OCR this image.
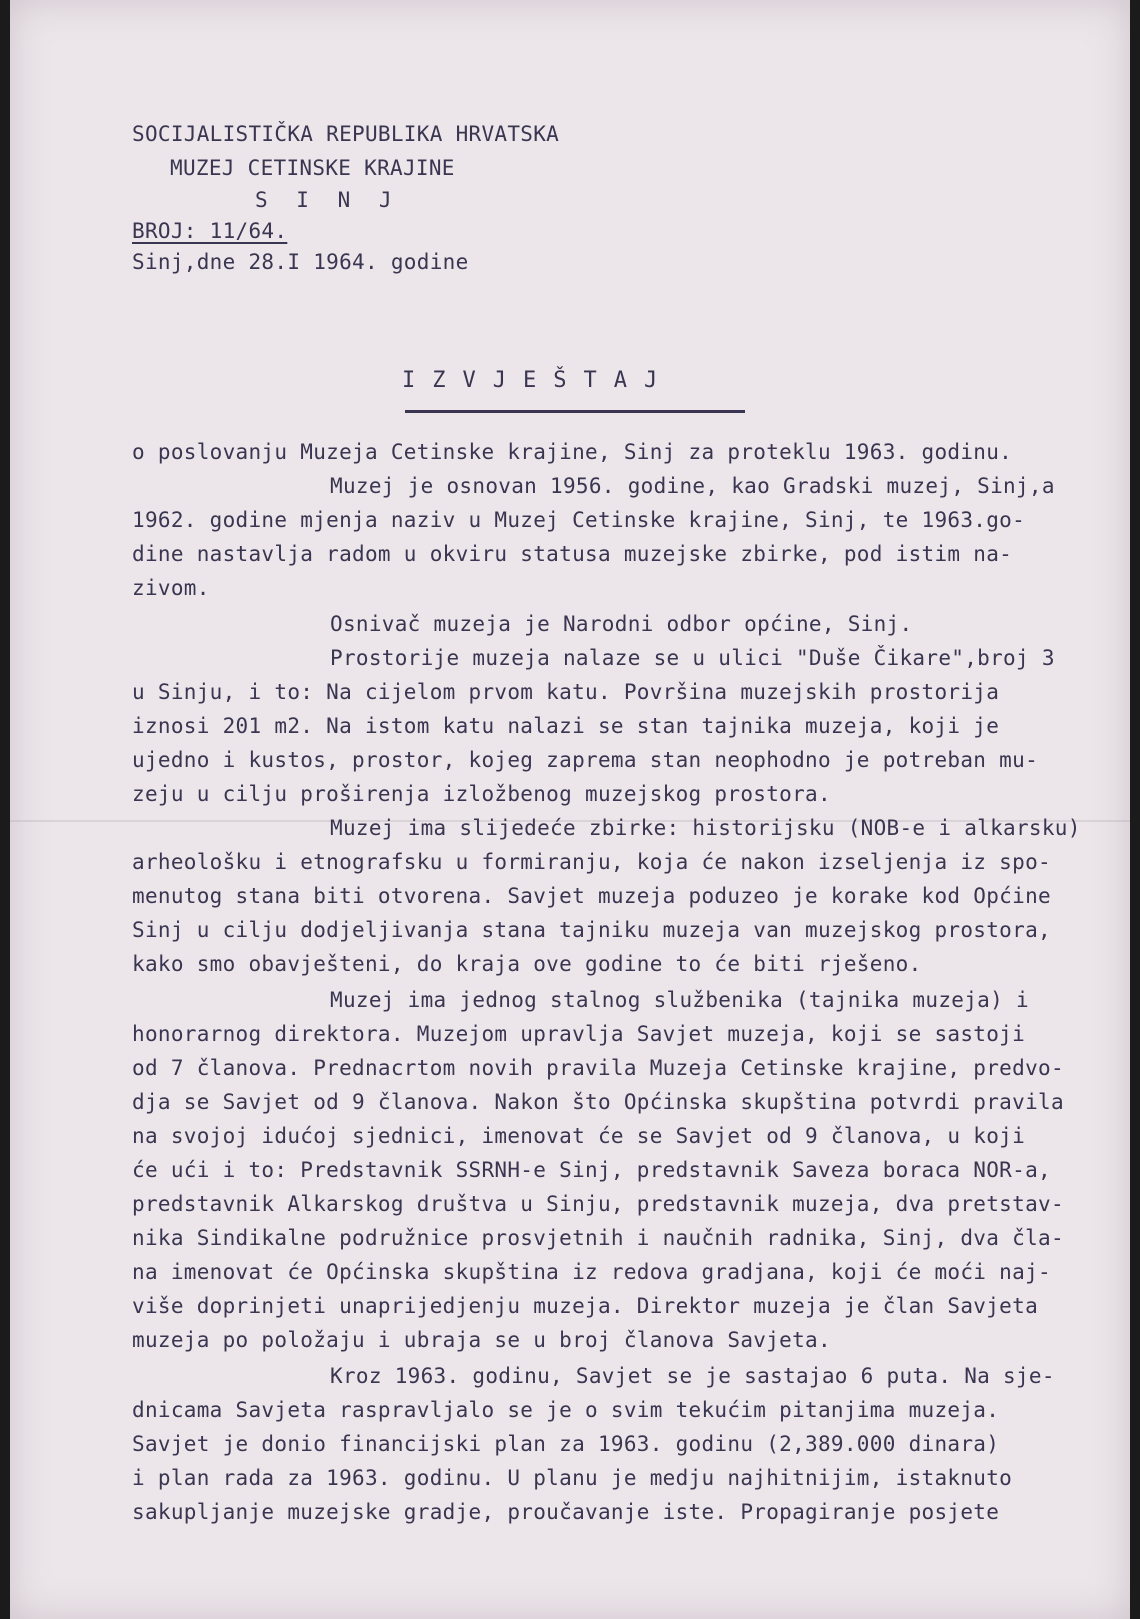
SOCIJALISTIČKA REPUBLIKA HRVATSKA
MUZEJ CETINSKE KRAJINE
S I N J
BROJ: 11/64.
Sinj,dne 28.I 1964. godine
IZVJEŠTAJ
o poslovanju Muzeja Cetinske krajine, Sinj za proteklu 1963. godinu.
Muzej je osnovan 1956. godine, kao Gradski muzej, Sinj,a
1962. godine mjenja naziv u Muzej Cetinske krajine, Sinj, te 1963.go-
dine nastavlja radom u okviru statusa muzejske zbirke, pod istim na-
zivom.
Osnivač muzeja je Narodni odbor općine, Sinj.
Prostorije muzeja nalaze se u ulici "Duše Čikare",broj 3
u Sinju, i to: Na cijelom prvom katu. Površina muzejskih prostorija
iznosi 201 m2. Na istom katu nalazi se stan tajnika muzeja, koji je
ujedno i kustos, prostor, kojeg zaprema stan neophodno je potreban mu-
zeju u cilju proširenja izložbenog muzejskog prostora.
Muzej ima slijedeće zbirke: historijsku (NOB-e i alkarsku)
arheološku i etnografsku u formiranju, koja će nakon izseljenja iz spo-
menutog stana biti otvorena. Savjet muzeja poduzeo je korake kod Općine
Sinj u cilju dodjeljivanja stana tajniku muzeja van muzejskog prostora,
kako smo obavješteni, do kraja ove godine to će biti rješeno.
Muzej ima jednog stalnog službenika (tajnika muzeja) i
honorarnog direktora. Muzejom upravlja Savjet muzeja, koji se sastoji
od 7 članova. Prednacrtom novih pravila Muzeja Cetinske krajine, predvo-
dja se Savjet od 9 članova. Nakon što Općinska skupština potvrdi pravila
na svojoj idućoj sjednici, imenovat će se Savjet od 9 članova, u koji
će ući i to: Predstavnik SSRNH-e Sinj, predstavnik Saveza boraca NOR-a,
predstavnik Alkarskog društva u Sinju, predstavnik muzeja, dva pretstav-
nika Sindikalne podružnice prosvjetnih i naučnih radnika, Sinj, dva čla-
na imenovat će Općinska skupština iz redova gradjana, koji će moći naj-
više doprinjeti unaprijedjenju muzeja. Direktor muzeja je član Savjeta
muzeja po položaju i ubraja se u broj članova Savjeta.
Kroz 1963. godinu, Savjet se je sastajao 6 puta. Na sje-
dnicama Savjeta raspravljalo se je o svim tekućim pitanjima muzeja.
Savjet je donio financijski plan za 1963. godinu (2,389.000 dinara)
i plan rada za 1963. godinu. U planu je medju najhitnijim, istaknuto
sakupljanje muzejske gradje, proučavanje iste. Propagiranje posjete
